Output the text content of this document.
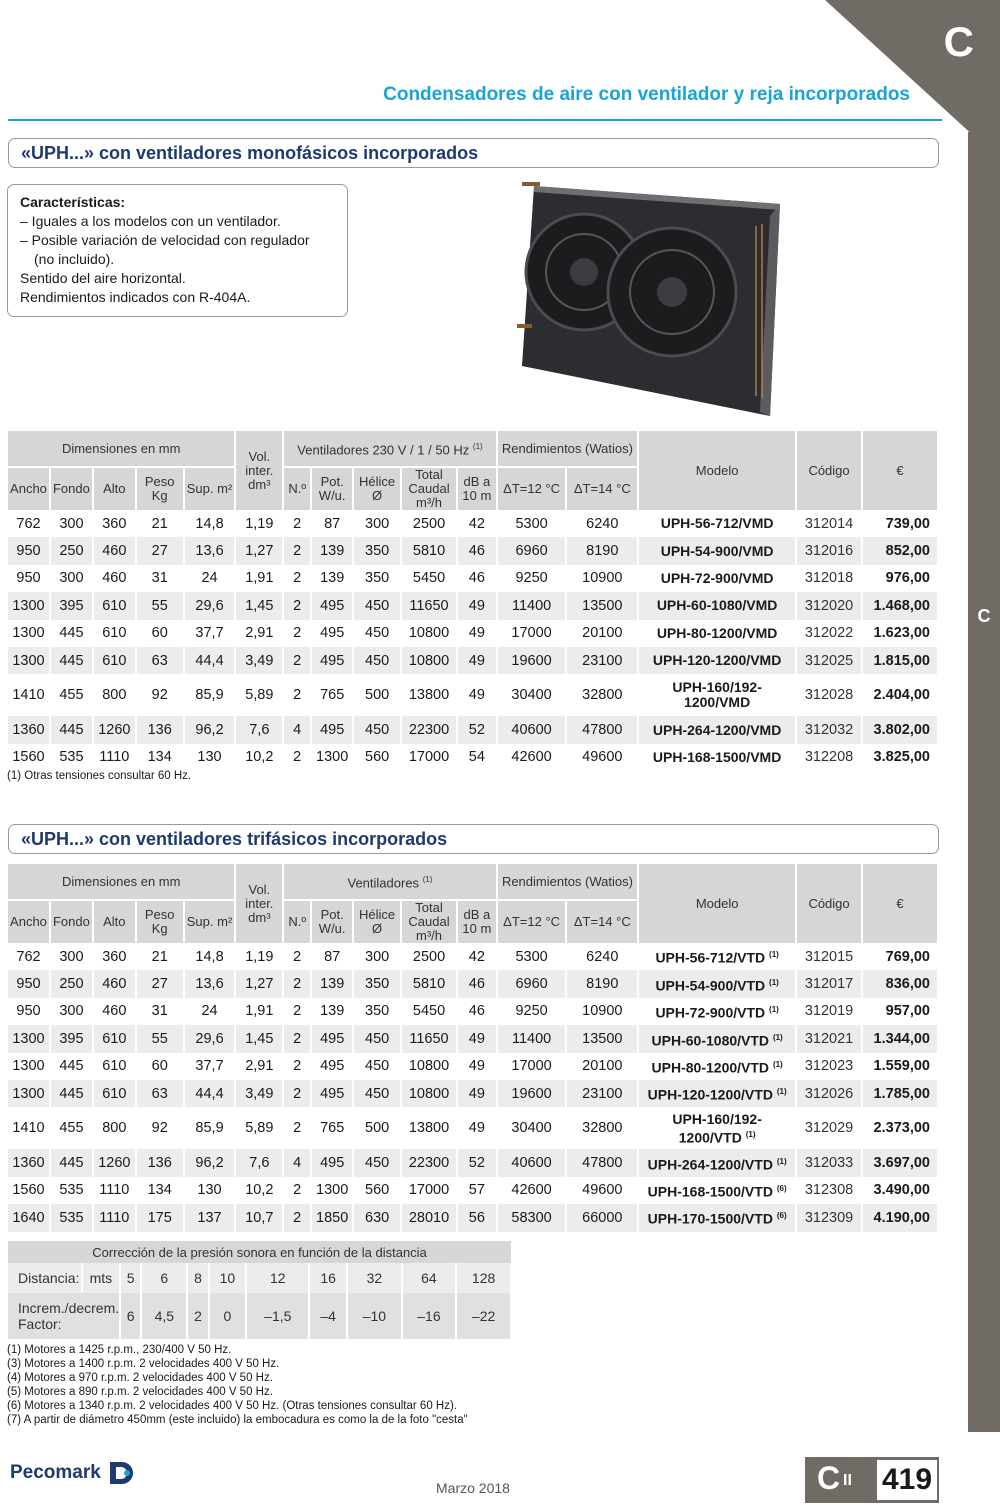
C
C
Condensadores de aire con ventilador y reja incorporados
«UPH...» con ventiladores monofásicos incorporados
Características:
– Iguales a los modelos con un ventilador.
– Posible variación de velocidad con regulador
(no incluido).
Sentido del aire horizontal.
Rendimientos indicados con R-404A.
Dimensiones en mm					Vol.
inter.
dm³	Ventiladores 230 V / 1 / 50 Hz $^{(1)}$					Rendimientos (Watios)		Modelo	Código	€
Ancho	Fondo	Alto	Peso Kg	Sup. m²		N.º	Pot. W/u.	Hélice Ø	Total Caudal m³/h	dB a 10 m	ΔT=12 °C	ΔT=14 °C			
762	300	360	21	14,8	1,19	2	87	300	2500	42	5300	6240	UPH-56-712/VMD	312014	739,00
950	250	460	27	13,6	1,27	2	139	350	5810	46	6960	8190	UPH-54-900/VMD	312016	852,00
950	300	460	31	24	1,91	2	139	350	5450	46	9250	10900	UPH-72-900/VMD	312018	976,00
1300	395	610	55	29,6	1,45	2	495	450	11650	49	11400	13500	UPH-60-1080/VMD	312020	1.468,00
1300	445	610	60	37,7	2,91	2	495	450	10800	49	17000	20100	UPH-80-1200/VMD	312022	1.623,00
1300	445	610	63	44,4	3,49	2	495	450	10800	49	19600	23100	UPH-120-1200/VMD	312025	1.815,00
1410	455	800	92	85,9	5,89	2	765	500	13800	49	30400	32800	UPH-160/192-1200/VMD	312028	2.404,00
1360	445	1260	136	96,2	7,6	4	495	450	22300	52	40600	47800	UPH-264-1200/VMD	312032	3.802,00
1560	535	1110	134	130	10,2	2	1300	560	17000	54	42600	49600	UPH-168-1500/VMD	312208	3.825,00
(1) Otras tensiones consultar 60 Hz.
«UPH...» con ventiladores trifásicos incorporados
Dimensiones en mm					Vol.
inter.
dm³	Ventiladores $^{(1)}$					Rendimientos (Watios)		Modelo	Código	€
Ancho	Fondo	Alto	Peso Kg	Sup. m²		N.º	Pot. W/u.	Hélice Ø	Total Caudal m³/h	dB a 10 m	ΔT=12 °C	ΔT=14 °C			
762	300	360	21	14,8	1,19	2	87	300	2500	42	5300	6240	UPH-56-712/VTD $^{(1)}$	312015	769,00
950	250	460	27	13,6	1,27	2	139	350	5810	46	6960	8190	UPH-54-900/VTD $^{(1)}$	312017	836,00
950	300	460	31	24	1,91	2	139	350	5450	46	9250	10900	UPH-72-900/VTD $^{(1)}$	312019	957,00
1300	395	610	55	29,6	1,45	2	495	450	11650	49	11400	13500	UPH-60-1080/VTD $^{(1)}$	312021	1.344,00
1300	445	610	60	37,7	2,91	2	495	450	10800	49	17000	20100	UPH-80-1200/VTD $^{(1)}$	312023	1.559,00
1300	445	610	63	44,4	3,49	2	495	450	10800	49	19600	23100	UPH-120-1200/VTD $^{(1)}$	312026	1.785,00
1410	455	800	92	85,9	5,89	2	765	500	13800	49	30400	32800	UPH-160/192-1200/VTD $^{(1)}$	312029	2.373,00
1360	445	1260	136	96,2	7,6	4	495	450	22300	52	40600	47800	UPH-264-1200/VTD $^{(1)}$	312033	3.697,00
1560	535	1110	134	130	10,2	2	1300	560	17000	57	42600	49600	UPH-168-1500/VTD $^{(6)}$	312308	3.490,00
1640	535	1110	175	137	10,7	2	1850	630	28010	56	58300	66000	UPH-170-1500/VTD $^{(6)}$	312309	4.190,00
Corrección de la presión sonora en función de la distancia										
Distancia:	mts	5	6	8	10	12	16	32	64	128
Increm./decrem. Factor:		6	4,5	2	0	–1,5	–4	–10	–16	–22
(1) Motores a 1425 r.p.m., 230/400 V 50 Hz.
(3) Motores a 1400 r.p.m. 2 velocidades 400 V 50 Hz.
(4) Motores a 970 r.p.m. 2 velocidades 400 V 50 Hz.
(5) Motores a 890 r.p.m. 2 velocidades 400 V 50 Hz.
(6) Motores a 1340 r.p.m. 2 velocidades 400 V 50 Hz. (Otras tensiones consultar 60 Hz).
(7) A partir de diámetro 450mm (este incluido) la embocadura es como la de la foto "cesta"
Pecomark
Marzo 2018	C II 419
